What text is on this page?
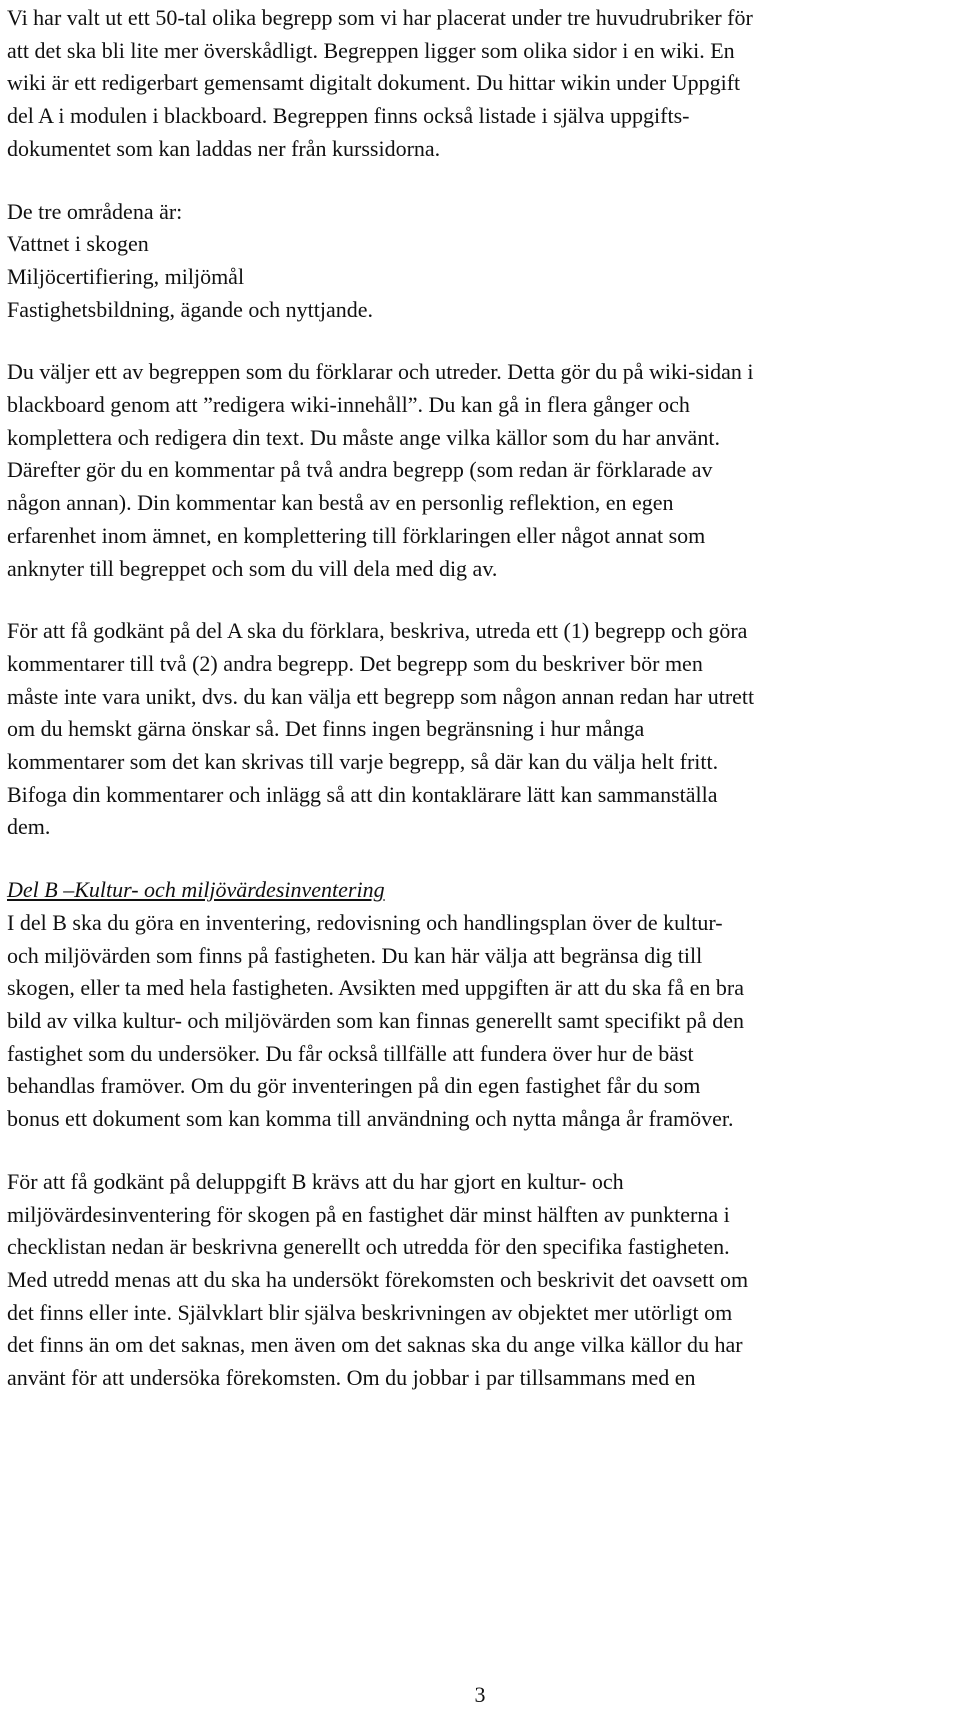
Vi har valt ut ett 50-tal olika begrepp som vi har placerat under tre huvudrubriker för
att det ska bli lite mer överskådligt. Begreppen ligger som olika sidor i en wiki. En
wiki är ett redigerbart gemensamt digitalt dokument. Du hittar wikin under Uppgift
del A i modulen i blackboard. Begreppen finns också listade i själva uppgifts-
dokumentet som kan laddas ner från kurssidorna.

De tre områdena är:
Vattnet i skogen
Miljöcertifiering, miljömål
Fastighetsbildning, ägande och nyttjande.

Du väljer ett av begreppen som du förklarar och utreder. Detta gör du på wiki-sidan i
blackboard genom att ”redigera wiki-innehåll”. Du kan gå in flera gånger och
komplettera och redigera din text. Du måste ange vilka källor som du har använt.
Därefter gör du en kommentar på två andra begrepp (som redan är förklarade av
någon annan). Din kommentar kan bestå av en personlig reflektion, en egen
erfarenhet inom ämnet, en komplettering till förklaringen eller något annat som
anknyter till begreppet och som du vill dela med dig av.

För att få godkänt på del A ska du förklara, beskriva, utreda ett (1) begrepp och göra
kommentarer till två (2) andra begrepp. Det begrepp som du beskriver bör men
måste inte vara unikt, dvs. du kan välja ett begrepp som någon annan redan har utrett
om du hemskt gärna önskar så. Det finns ingen begränsning i hur många
kommentarer som det kan skrivas till varje begrepp, så där kan du välja helt fritt.
Bifoga din kommentarer och inlägg så att din kontaklärare lätt kan sammanställa
dem.

Del B –Kultur- och miljövärdesinventering

I del B ska du göra en inventering, redovisning och handlingsplan över de kultur-
och miljövärden som finns på fastigheten. Du kan här välja att begränsa dig till
skogen, eller ta med hela fastigheten. Avsikten med uppgiften är att du ska få en bra
bild av vilka kultur- och miljövärden som kan finnas generellt samt specifikt på den
fastighet som du undersöker. Du får också tillfälle att fundera över hur de bäst
behandlas framöver. Om du gör inventeringen på din egen fastighet får du som
bonus ett dokument som kan komma till användning och nytta många år framöver.

För att få godkänt på deluppgift B krävs att du har gjort en kultur- och
miljövärdesinventering för skogen på en fastighet där minst hälften av punkterna i
checklistan nedan är beskrivna generellt och utredda för den specifika fastigheten.
Med utredd menas att du ska ha undersökt förekomsten och beskrivit det oavsett om
det finns eller inte. Självklart blir själva beskrivningen av objektet mer utörligt om
det finns än om det saknas, men även om det saknas ska du ange vilka källor du har
använt för att undersöka förekomsten. Om du jobbar i par tillsammans med en

3
